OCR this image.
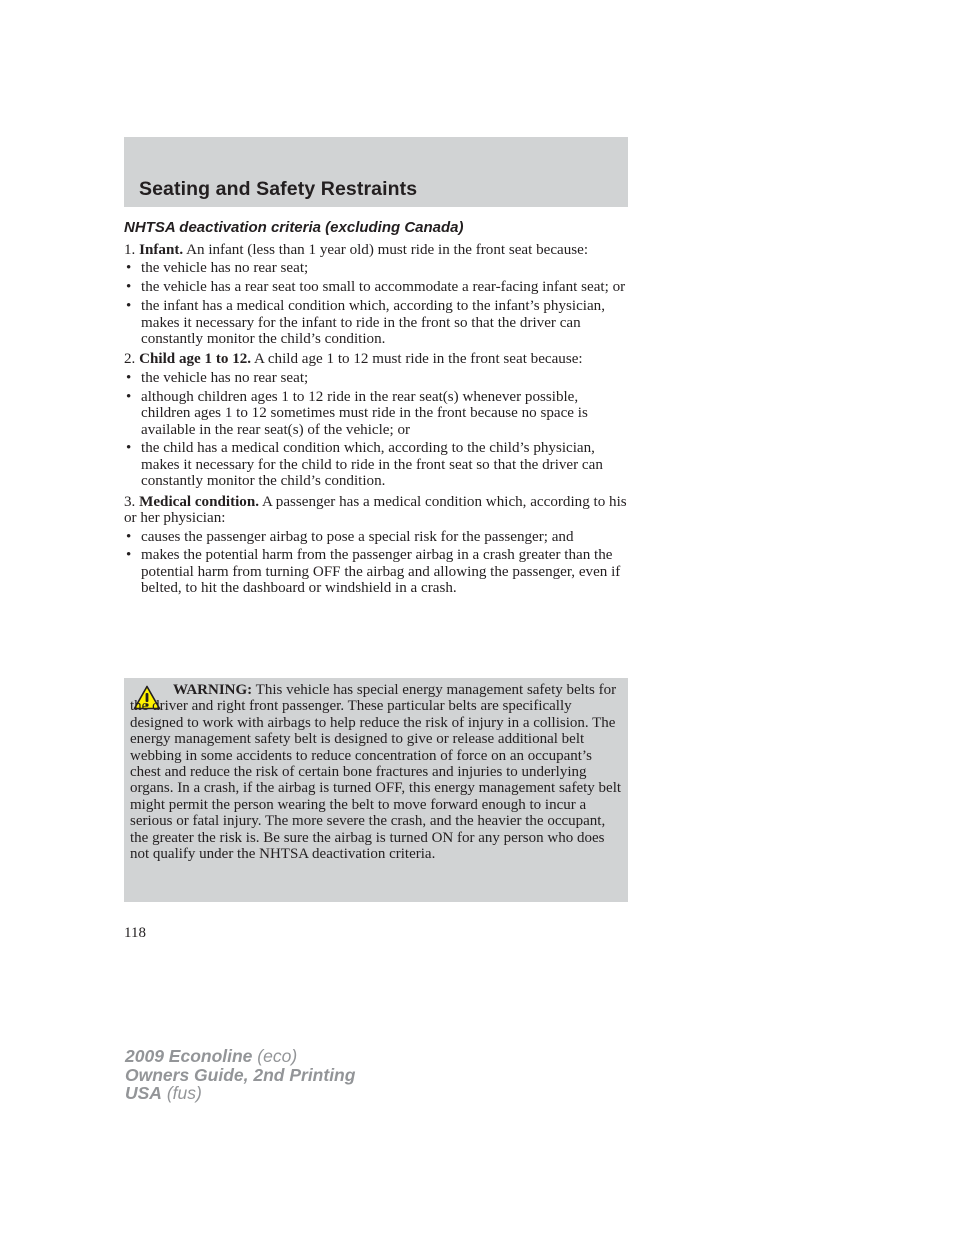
Seating and Safety Restraints
NHTSA deactivation criteria (excluding Canada)

1. Infant. An infant (less than 1 year old) must ride in the front seat because:

• the vehicle has no rear seat;
• the vehicle has a rear seat too small to accommodate a rear-facing infant seat; or
• the infant has a medical condition which, according to the infant’s physician, makes it necessary for the infant to ride in the front so that the driver can constantly monitor the child’s condition.

2. Child age 1 to 12. A child age 1 to 12 must ride in the front seat because:

• the vehicle has no rear seat;
• although children ages 1 to 12 ride in the rear seat(s) whenever possible, children ages 1 to 12 sometimes must ride in the front because no space is available in the rear seat(s) of the vehicle; or
• the child has a medical condition which, according to the child’s physician, makes it necessary for the child to ride in the front seat so that the driver can constantly monitor the child’s condition.

3. Medical condition. A passenger has a medical condition which, according to his or her physician:

• causes the passenger airbag to pose a special risk for the passenger; and
• makes the potential harm from the passenger airbag in a crash greater than the potential harm from turning OFF the airbag and allowing the passenger, even if belted, to hit the dashboard or windshield in a crash.

WARNING: This vehicle has special energy management safety belts for the driver and right front passenger. These particular belts are specifically designed to work with airbags to help reduce the risk of injury in a collision. The energy management safety belt is designed to give or release additional belt webbing in some accidents to reduce concentration of force on an occupant’s chest and reduce the risk of certain bone fractures and injuries to underlying organs. In a crash, if the airbag is turned OFF, this energy management safety belt might permit the person wearing the belt to move forward enough to incur a serious or fatal injury. The more severe the crash, and the heavier the occupant, the greater the risk is. Be sure the airbag is turned ON for any person who does not qualify under the NHTSA deactivation criteria.

118
2009 Econoline (eco)
Owners Guide, 2nd Printing
USA (fus)
